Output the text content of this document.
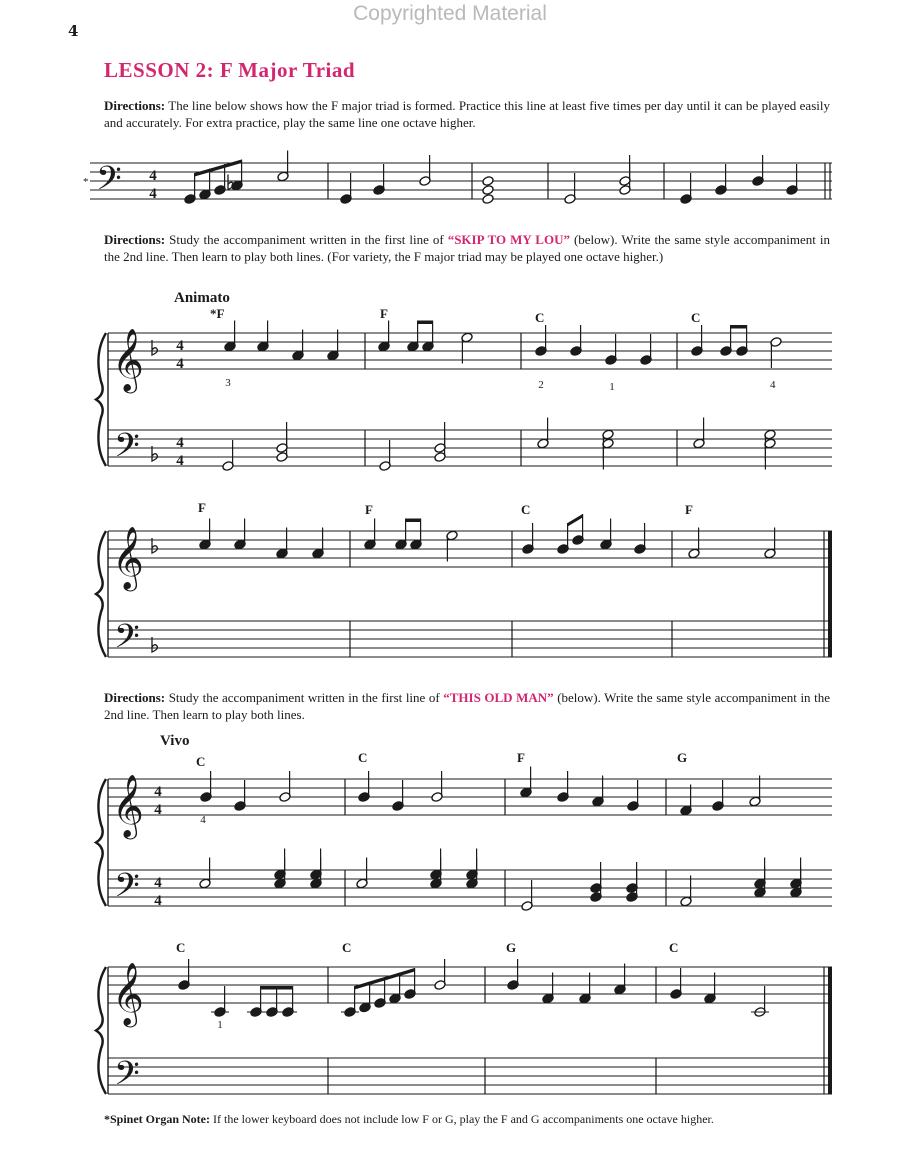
Copyrighted Material
4
LESSON 2: F Major Triad

Directions: The line below shows how the F major triad is formed. Practice this line at least five times per day until it can be played easily and accurately. For extra practice, play the same line one octave higher.

Directions: Study the accompaniment written in the first line of “SKIP TO MY LOU” (below). Write the same style accompaniment in the 2nd line. Then learn to play both lines. (For variety, the F major triad may be played one octave higher.)

Directions: Study the accompaniment written in the first line of “THIS OLD MAN” (below). Write the same style accompaniment in the 2nd line. Then learn to play both lines.

Animato
Vivo
* 𝄢 4
4
𝄞
𝄢
4
4
4
4
*F	F	C	C
3	2	1	4
𝄞
𝄢
F	F	C	F
𝄞
𝄢
4
4
4
4
C	C	F	G
4
𝄞
𝄢
C	C	G	C
1

*Spinet Organ Note: If the lower keyboard does not include low F or G, play the F and G accompaniments one octave higher.
